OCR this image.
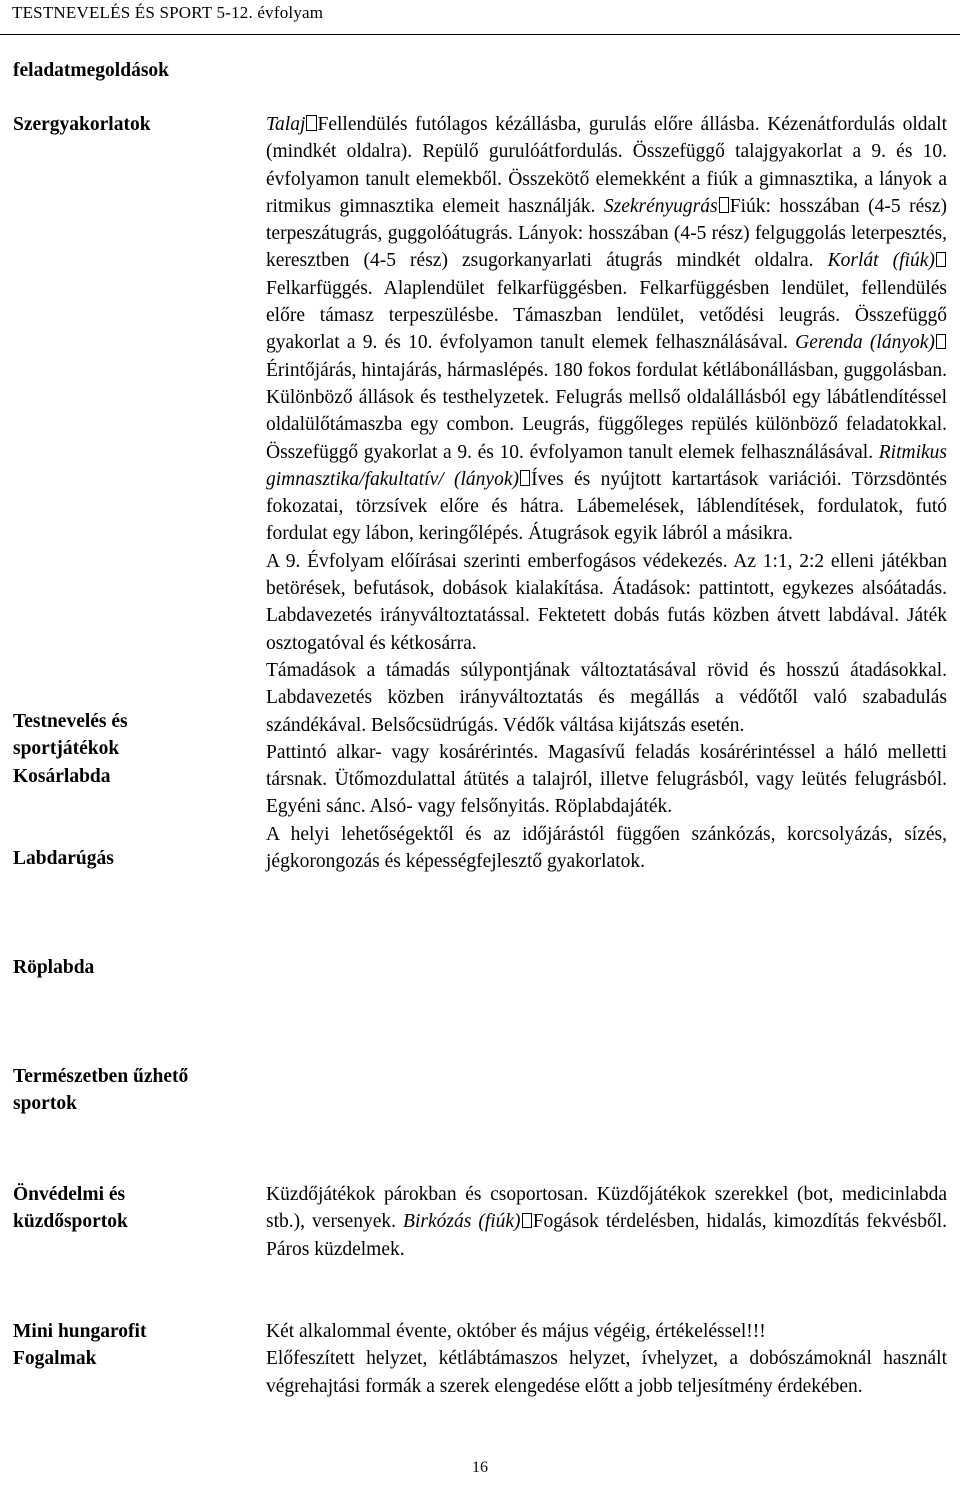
TESTNEVELÉS ÉS SPORT 5-12. évfolyam
feladatmegoldások
Szergyakorlatok
Testnevelés és sportjátékok
Kosárlabda
Labdarúgás
Röplabda
Természetben űzhető sportok

Talaj Fellendülés futólagos kézállásba, gurulás előre állásba. Kézenátfordulás oldalt (mindkét oldalra). Repülő gurulóátfordulás. Összefüggő talajgyakorlat a 9. és 10. évfolyamon tanult elemekből. Összekötő elemekként a fiúk a gimnasztika, a lányok a ritmikus gimnasztika elemeit használják. Szekrényugrás Fiúk: hosszában (4-5 rész) terpeszátugrás, guggolóátugrás. Lányok: hosszában (4-5 rész) felguggolás leterpesztés, keresztben (4-5 rész) zsugorkanyarlati átugrás mindkét oldalra. Korlát (fiúk)Felkarfüggés. Alaplendület felkarfüggésben. Felkarfüggésben lendület, fellendülés előre támasz terpeszülésbe. Támaszban lendület, vetődési leugrás. Összefüggő gyakorlat a 9. és 10. évfolyamon tanult elemek felhasználásával. Gerenda (lányok)Érintőjárás, hintajárás, hármaslépés. 180 fokos fordulat kétlábonállásban, guggolásban. Különböző állások és testhelyzetek. Felugrás mellső oldalállásból egy lábátlendítéssel oldalülőtámaszba egy combon. Leugrás, függőleges repülés különböző feladatokkal. Összefüggő gyakorlat a 9. és 10. évfolyamon tanult elemek felhasználásával. Ritmikus gimnasztika/fakultatív/ (lányok) Íves és nyújtott kartartások variációi. Törzsdöntés fokozatai, törzsívek előre és hátra. Lábemelések, láblendítések, fordulatok, futó fordulat egy lábon, keringőlépés. Átugrások egyik lábról a másikra.

A 9. Évfolyam előírásai szerinti emberfogásos védekezés. Az 1:1, 2:2 elleni játékban betörések, befutások, dobások kialakítása. Átadások: pattintott, egykezes alsóátadás. Labdavezetés irányváltoztatással. Fektetett dobás futás közben átvett labdával. Játék osztogatóval és kétkosárra.

Támadások a támadás súlypontjának változtatásával rövid és hosszú átadásokkal. Labdavezetés közben irányváltoztatás és megállás a védőtől való szabadulás szándékával. Belsőcsüdrúgás. Védők váltása kijátszás esetén.

Pattintó alkar- vagy kosárérintés. Magasívű feladás kosárérintéssel a háló melletti társnak. Ütőmozdulattal átütés a talajról, illetve felugrásból, vagy leütés felugrásból. Egyéni sánc. Alsó- vagy felsőnyitás. Röplabdajáték.

A helyi lehetőségektől és az időjárástól függően szánkózás, korcsolyázás, sízés, jégkorongozás és képességfejlesztő gyakorlatok.

Önvédelmi és küzdősportok

Küzdőjátékok párokban és csoportosan. Küzdőjátékok szerekkel (bot, medicinlabda stb.), versenyek. Birkózás (fiúk) Fogások térdelésben, hidalás, kimozdítás fekvésből. Páros küzdelmek.

Mini hungarofit Fogalmak

Két alkalommal évente, október és május végéig, értékeléssel!!!

Előfeszített helyzet, kétlábtámaszos helyzet, ívhelyzet, a dobószámoknál használt végrehajtási formák a szerek elengedése előtt a jobb teljesítmény érdekében.

16
